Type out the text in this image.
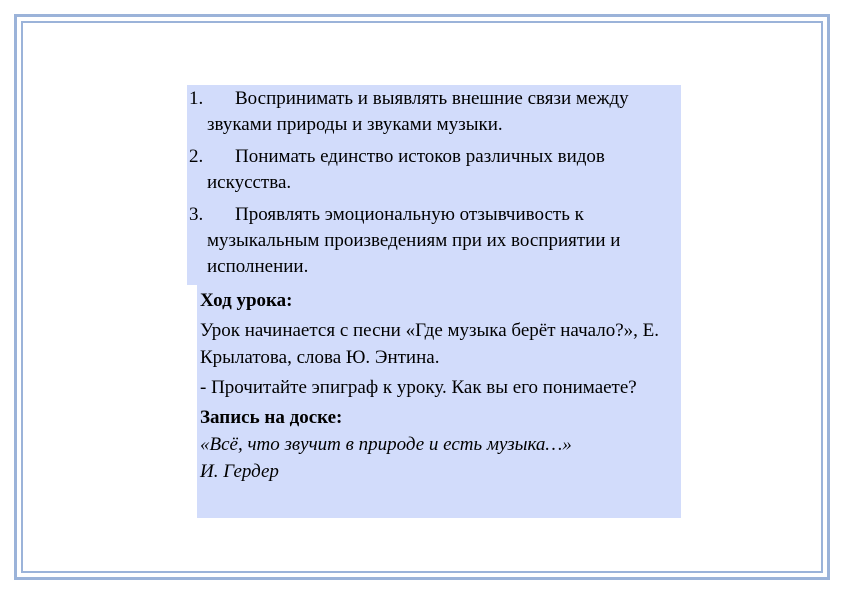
1.	Воспринимать и выявлять внешние связи между звуками природы и звуками музыки.
2.	Понимать единство истоков различных видов искусства.
3.	Проявлять эмоциональную отзывчивость к музыкальным произведениям при их восприятии и исполнении.

Ход урока:

Урок начинается с песни «Где музыка берёт начало?», Е. Крылатова, слова Ю. Энтина.

- Прочитайте эпиграф к уроку. Как вы его понимаете?

Запись на доске:

«Всё, что звучит в природе и есть музыка…»

И. Гердер
